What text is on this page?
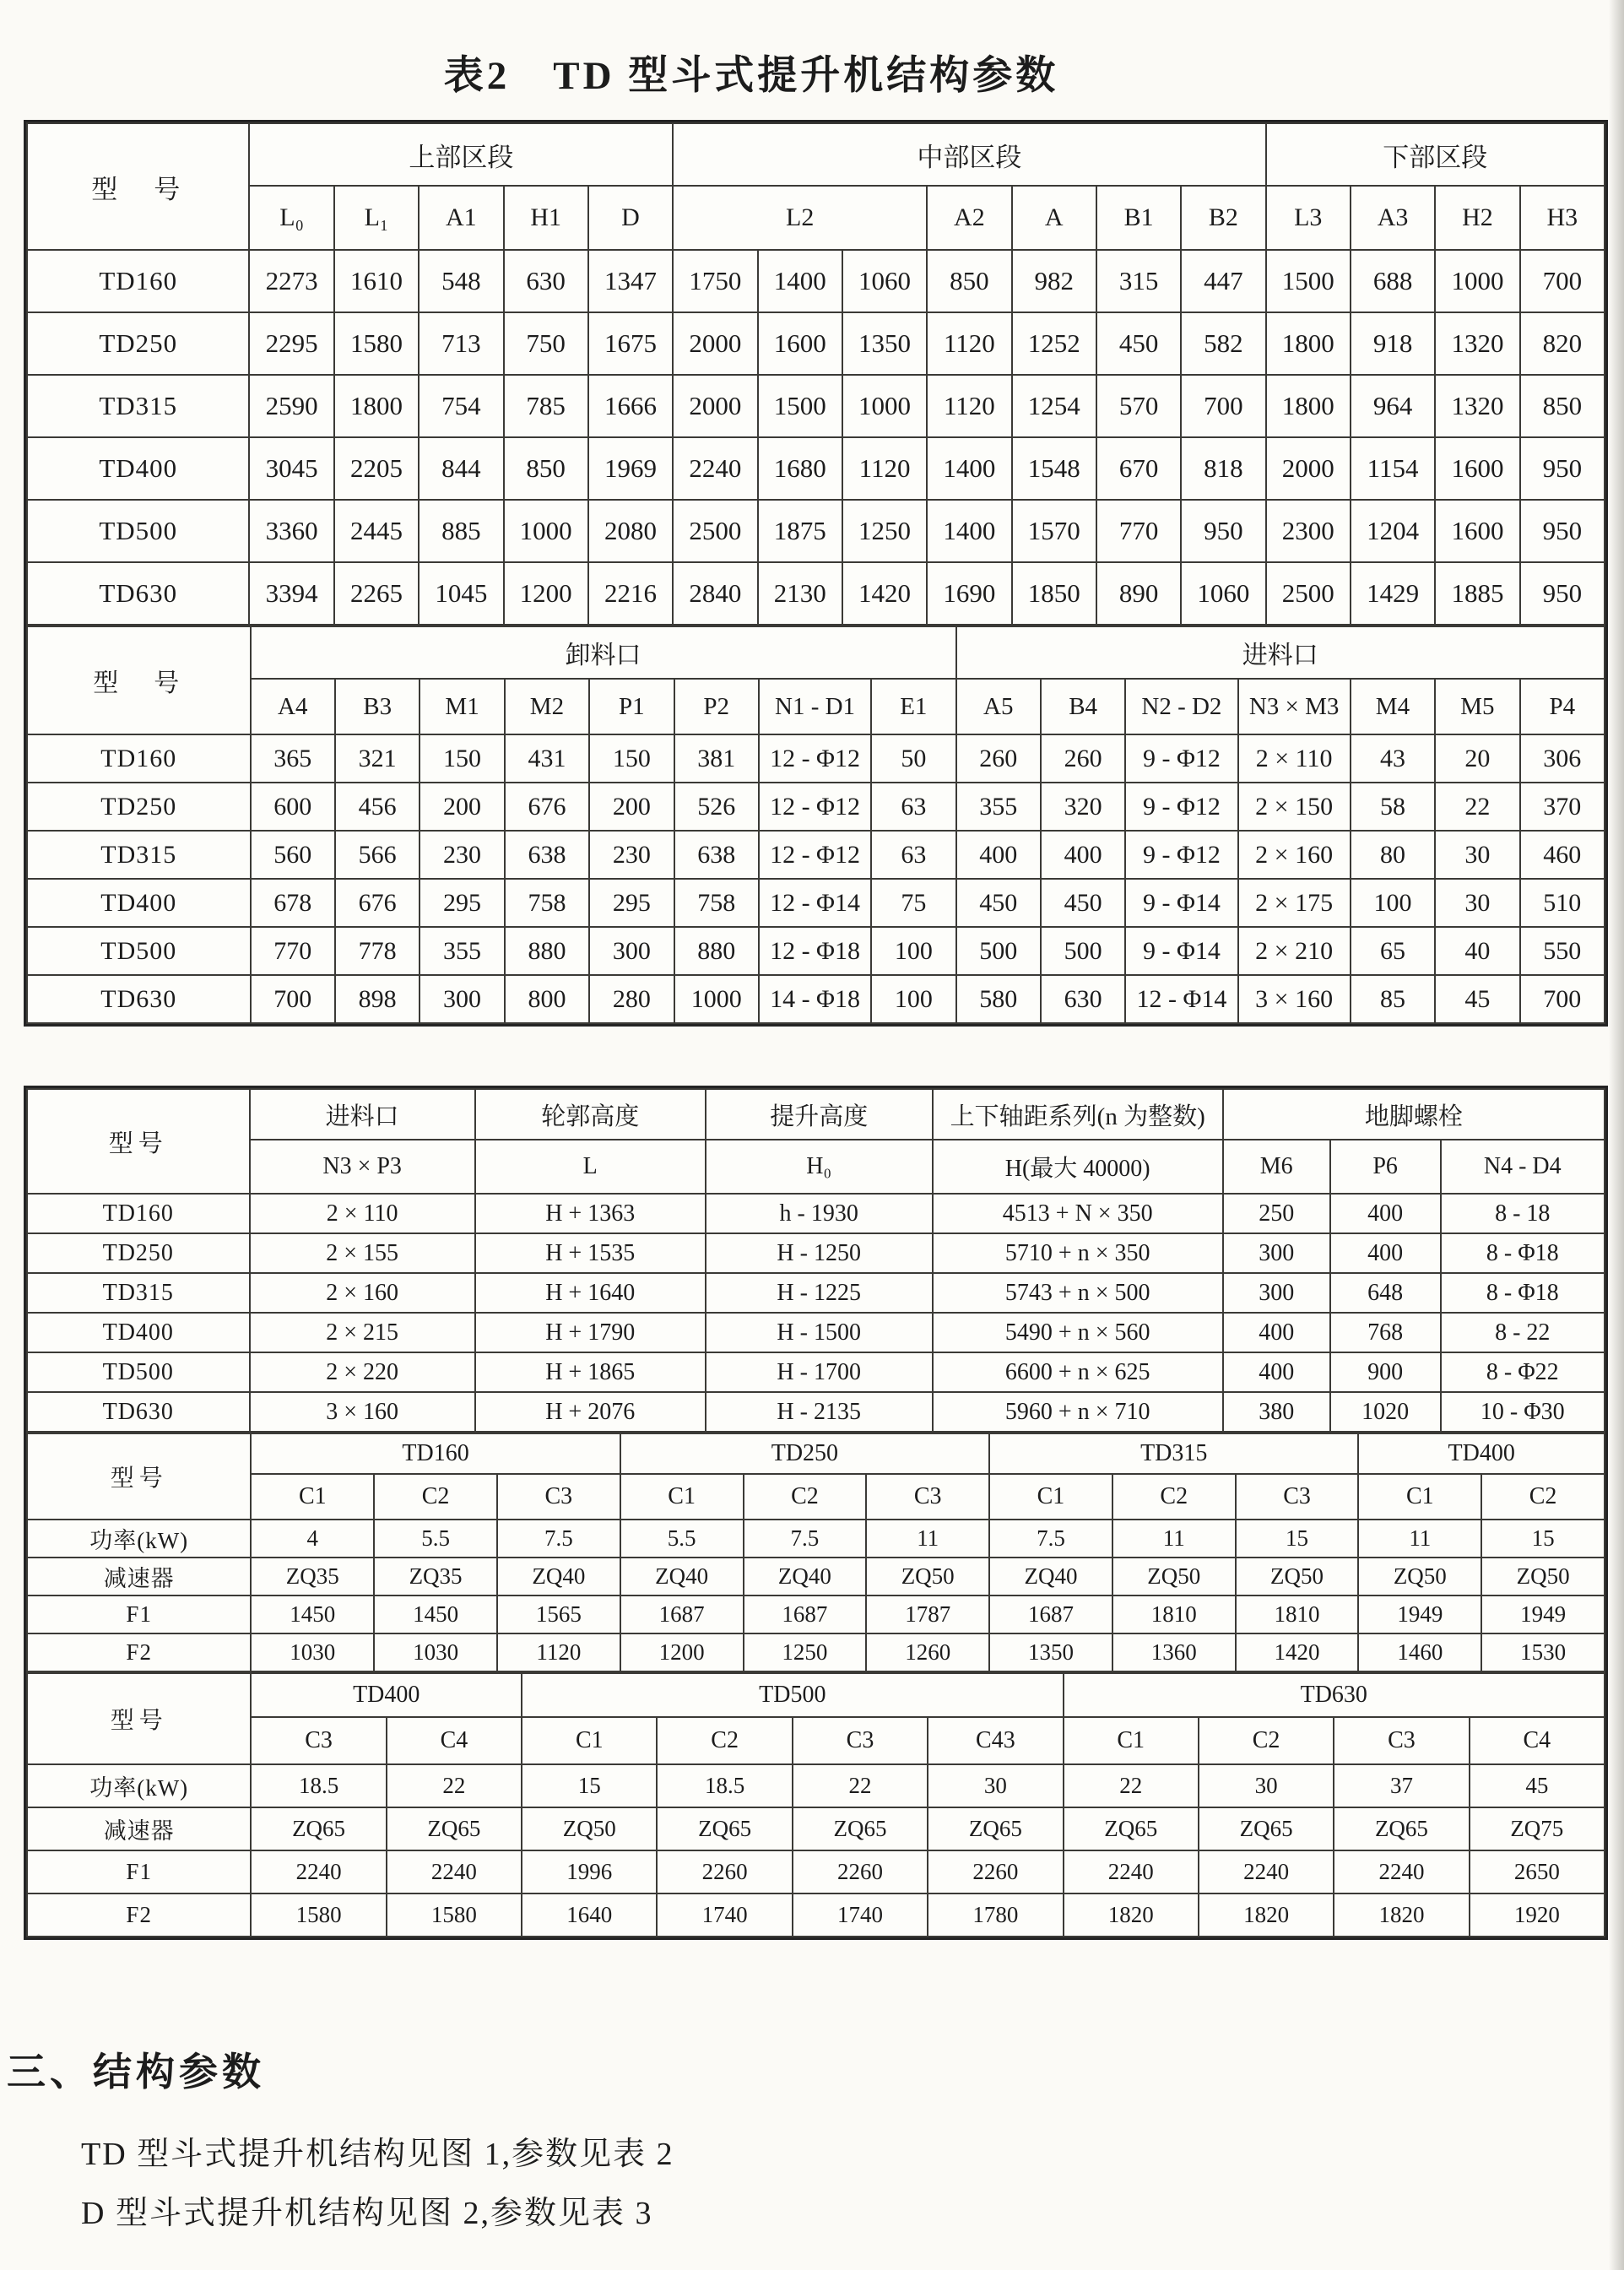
表2　TD 型斗式提升机结构参数
型　号	上部区段					中部区段							下部区段			
	L₀	L₁	A1	H1	D	L2			A2	A	B1	B2	L3	A3	H2	H3
TD160	2273	1610	548	630	1347	1750	1400	1060	850	982	315	447	1500	688	1000	700
TD250	2295	1580	713	750	1675	2000	1600	1350	1120	1252	450	582	1800	918	1320	820
TD315	2590	1800	754	785	1666	2000	1500	1000	1120	1254	570	700	1800	964	1320	850
TD400	3045	2205	844	850	1969	2240	1680	1120	1400	1548	670	818	2000	1154	1600	950
TD500	3360	2445	885	1000	2080	2500	1875	1250	1400	1570	770	950	2300	1204	1600	950
TD630	3394	2265	1045	1200	2216	2840	2130	1420	1690	1850	890	1060	2500	1429	1885	950
型　号	卸料口								进料口						
	A4	B3	M1	M2	P1	P2	N1 - D1	E1	A5	B4	N2 - D2	N3 × M3	M4	M5	P4
TD160	365	321	150	431	150	381	12 - Φ12	50	260	260	9 - Φ12	2 × 110	43	20	306
TD250	600	456	200	676	200	526	12 - Φ12	63	355	320	9 - Φ12	2 × 150	58	22	370
TD315	560	566	230	638	230	638	12 - Φ12	63	400	400	9 - Φ12	2 × 160	80	30	460
TD400	678	676	295	758	295	758	12 - Φ14	75	450	450	9 - Φ14	2 × 175	100	30	510
TD500	770	778	355	880	300	880	12 - Φ18	100	500	500	9 - Φ14	2 × 210	65	40	550
TD630	700	898	300	800	280	1000	14 - Φ18	100	580	630	12 - Φ14	3 × 160	85	45	700
型号	进料口	轮郭高度	提升高度	上下轴距系列(n 为整数)	地脚螺栓		
	N3 × P3	L	H₀	H(最大 40000)	M6	P6	N4 - D4
TD160	2 × 110	H + 1363	h - 1930	4513 + N × 350	250	400	8 - 18
TD250	2 × 155	H + 1535	H - 1250	5710 + n × 350	300	400	8 - Φ18
TD315	2 × 160	H + 1640	H - 1225	5743 + n × 500	300	648	8 - Φ18
TD400	2 × 215	H + 1790	H - 1500	5490 + n × 560	400	768	8 - 22
TD500	2 × 220	H + 1865	H - 1700	6600 + n × 625	400	900	8 - Φ22
TD630	3 × 160	H + 2076	H - 2135	5960 + n × 710	380	1020	10 - Φ30
型号	TD160			TD250			TD315			TD400	
	C1	C2	C3	C1	C2	C3	C1	C2	C3	C1	C2
功率(kW)	4	5.5	7.5	5.5	7.5	11	7.5	11	15	11	15
减速器	ZQ35	ZQ35	ZQ40	ZQ40	ZQ40	ZQ50	ZQ40	ZQ50	ZQ50	ZQ50	ZQ50
F1	1450	1450	1565	1687	1687	1787	1687	1810	1810	1949	1949
F2	1030	1030	1120	1200	1250	1260	1350	1360	1420	1460	1530
型号	TD400		TD500				TD630			
	C3	C4	C1	C2	C3	C43	C1	C2	C3	C4
功率(kW)	18.5	22	15	18.5	22	30	22	30	37	45
减速器	ZQ65	ZQ65	ZQ50	ZQ65	ZQ65	ZQ65	ZQ65	ZQ65	ZQ65	ZQ75
F1	2240	2240	1996	2260	2260	2260	2240	2240	2240	2650
F2	1580	1580	1640	1740	1740	1780	1820	1820	1820	1920
三、结构参数
TD 型斗式提升机结构见图 1,参数见表 2
D 型斗式提升机结构见图 2,参数见表 3
